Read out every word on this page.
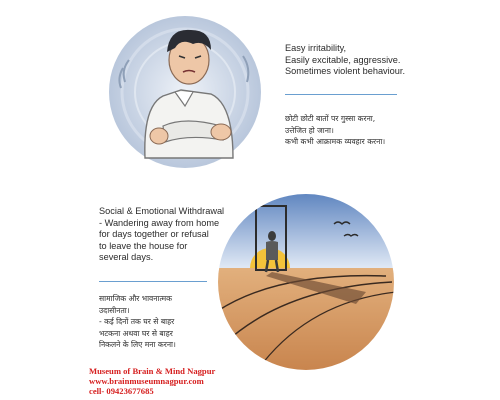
Easy irritability,
Easily excitable, aggressive.
Sometimes violent behaviour.
छोटी छोटी बातों पर गुस्सा करना,
उत्तेजित हो जाना।
कभी कभी आक्रामक व्यवहार करना।
Social & Emotional Withdrawal
- Wandering away from home
for days together or refusal
to leave the house for
several days.
सामाजिक और भावनात्मक
उदासीनता।
- कई दिनों तक घर से बाहर
भटकना अथवा घर से बाहर
निकलने के लिए मना करना।
Museum of Brain & Mind Nagpur
www.brainmuseumnagpur.com
cell- 09423677685
